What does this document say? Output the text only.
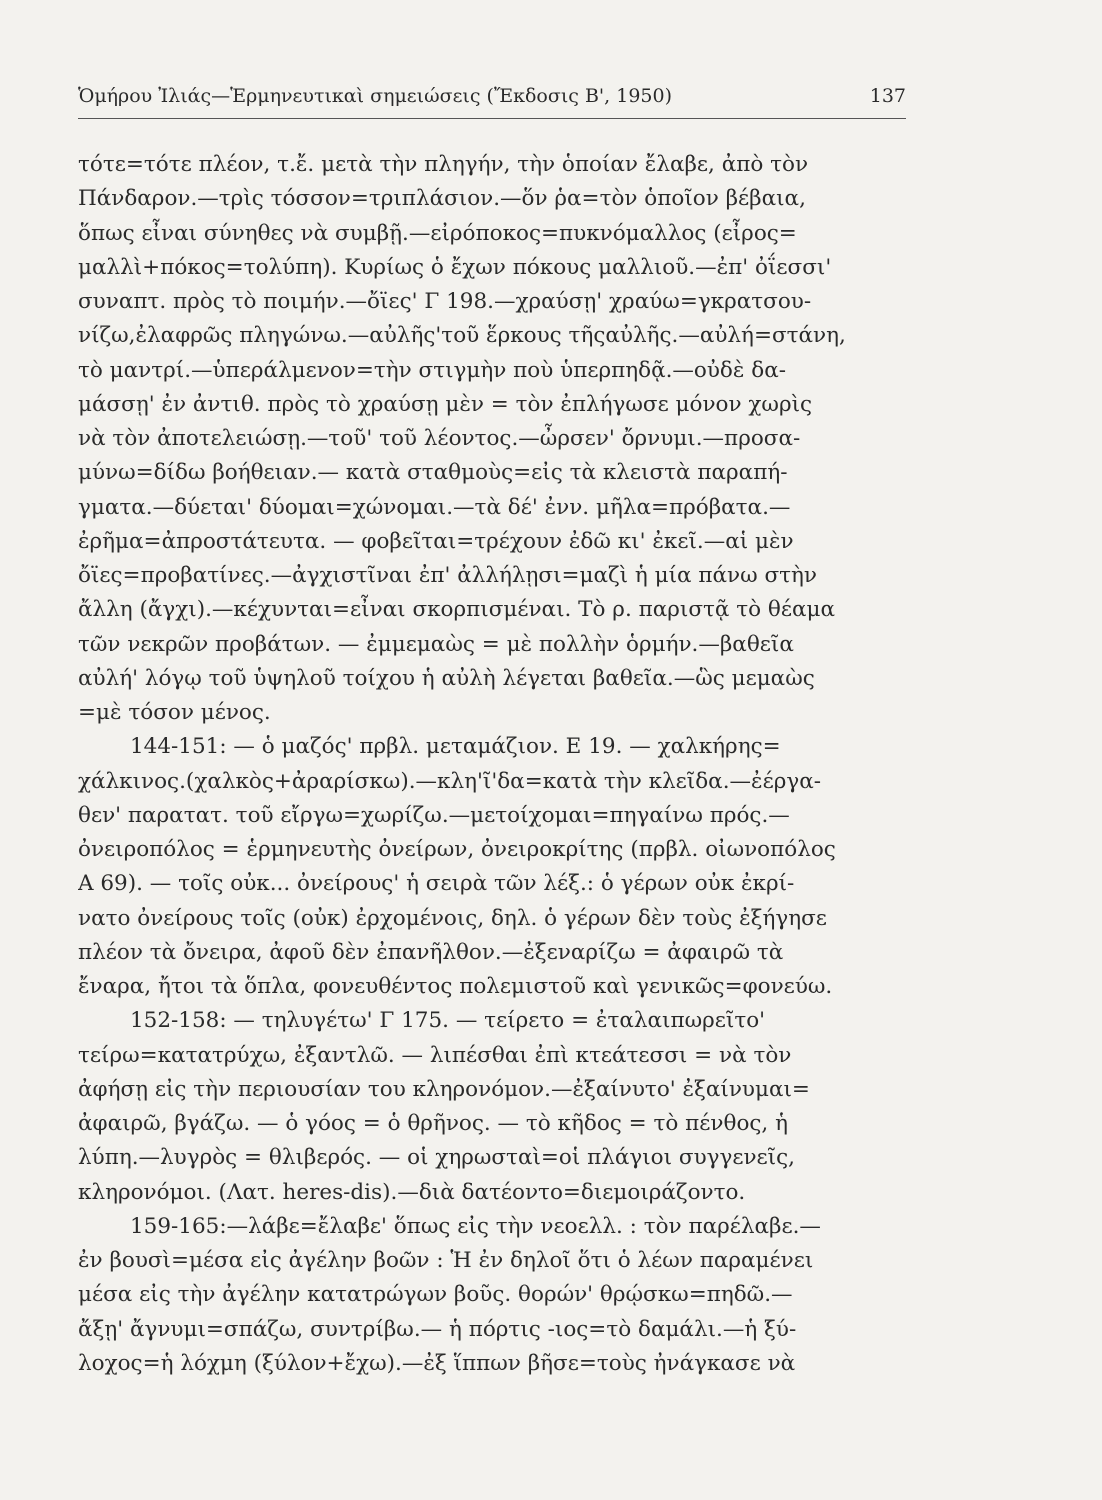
Ὁμήρου Ἰλιάς—Ἑρμηνευτικαὶ σημειώσεις (Ἔκδοσις Β', 1950)	137
τότε=τότε πλέον, τ.ἔ. μετὰ τὴν πληγήν, τὴν ὁποίαν ἔλαβε, ἀπὸ τὸν
Πάνδαρον.—τρὶς τόσσον=τριπλάσιον.—ὅν ῥα=τὸν ὁποῖον βέβαια,
ὅπως εἶναι σύνηθες νὰ συμβῇ.—εἰρόποκος=πυκνόμαλλος (εἶρος=
μαλλὶ+πόκος=τολύπη). Κυρίως ὁ ἔχων πόκους μαλλιοῦ.—ἐπ' ὀΐεσσι'
συναπτ. πρὸς τὸ ποιμήν.—ὄϊες' Γ 198.—χραύσῃ' χραύω=γκρατσου-
νίζω,ἐλαφρῶς πληγώνω.—αὐλῆς'τοῦ ἕρκους τῆςαὐλῆς.—αὐλή=στάνη,
τὸ μαντρί.—ὑπεράλμενον=τὴν στιγμὴν ποὺ ὑπερπηδᾷ.—οὐδὲ δα-
μάσσῃ' ἐν ἀντιθ. πρὸς τὸ χραύσῃ μὲν = τὸν ἐπλήγωσε μόνον χωρὶς
νὰ τὸν ἀποτελειώσῃ.—τοῦ' τοῦ λέοντος.—ὦρσεν' ὄρνυμι.—προσα-
μύνω=δίδω βοήθειαν.— κατὰ σταθμοὺς=εἰς τὰ κλειστὰ παραπή-
γματα.—δύεται' δύομαι=χώνομαι.—τὰ δέ' ἐνν. μῆλα=πρόβατα.—
ἐρῆμα=ἀπροστάτευτα. — φοβεῖται=τρέχουν ἐδῶ κι' ἐκεῖ.—αἱ μὲν
ὄϊες=προβατίνες.—ἀγχιστῖναι ἐπ' ἀλλήλῃσι=μαζὶ ἡ μία πάνω στὴν
ἄλλη (ἄγχι).—κέχυνται=εἶναι σκορπισμέναι. Τὸ ρ. παριστᾷ τὸ θέαμα
τῶν νεκρῶν προβάτων. — ἐμμεμαὼς = μὲ πολλὴν ὁρμήν.—βαθεῖα
αὐλή' λόγῳ τοῦ ὑψηλοῦ τοίχου ἡ αὐλὴ λέγεται βαθεῖα.—ὣς μεμαὼς
=μὲ τόσον μένος.
144-151: — ὁ μαζός' πρβλ. μεταμάζιον. Ε 19. — χαλκήρης=
χάλκινος.(χαλκὸς+ἀραρίσκω).—κλη'ῖ'δα=κατὰ τὴν κλεῖδα.—ἐέργα-
θεν' παρατατ. τοῦ εἴργω=χωρίζω.—μετοίχομαι=πηγαίνω πρός.—
ὀνειροπόλος = ἑρμηνευτὴς ὀνείρων, ὀνειροκρίτης (πρβλ. οἰωνοπόλος
Α 69). — τοῖς οὐκ... ὀνείρους' ἡ σειρὰ τῶν λέξ.: ὁ γέρων οὐκ ἐκρί-
νατο ὀνείρους τοῖς (οὐκ) ἐρχομένοις, δηλ. ὁ γέρων δὲν τοὺς ἐξήγησε
πλέον τὰ ὄνειρα, ἀφοῦ δὲν ἐπανῆλθον.—ἐξεναρίζω = ἀφαιρῶ τὰ
ἔναρα, ἤτοι τὰ ὅπλα, φονευθέντος πολεμιστοῦ καὶ γενικῶς=φονεύω.
152-158: — τηλυγέτω' Γ 175. — τείρετο = ἐταλαιπωρεῖτο'
τείρω=κατατρύχω, ἐξαντλῶ. — λιπέσθαι ἐπὶ κτεάτεσσι = νὰ τὸν
ἀφήσῃ εἰς τὴν περιουσίαν του κληρονόμον.—ἐξαίνυτο' ἐξαίνυμαι=
ἀφαιρῶ, βγάζω. — ὁ γόος = ὁ θρῆνος. — τὸ κῆδος = τὸ πένθος, ἡ
λύπη.—λυγρὸς = θλιβερός. — οἱ χηρωσταὶ=οἱ πλάγιοι συγγενεῖς,
κληρονόμοι. (Λατ. heres-dis).—διὰ δατέοντο=διεμοιράζοντο.
159-165:—λάβε=ἔλαβε' ὅπως εἰς τὴν νεοελλ. : τὸν παρέλαβε.—
ἐν βουσὶ=μέσα εἰς ἀγέλην βοῶν : Ἡ ἐν δηλοῖ ὅτι ὁ λέων παραμένει
μέσα εἰς τὴν ἀγέλην κατατρώγων βοῦς. θορών' θρῴσκω=πηδῶ.—
ἄξῃ' ἄγνυμι=σπάζω, συντρίβω.— ἡ πόρτις -ιος=τὸ δαμάλι.—ἡ ξύ-
λοχος=ἡ λόχμη (ξύλον+ἔχω).—ἐξ ἵππων βῆσε=τοὺς ἠνάγκασε νὰ
